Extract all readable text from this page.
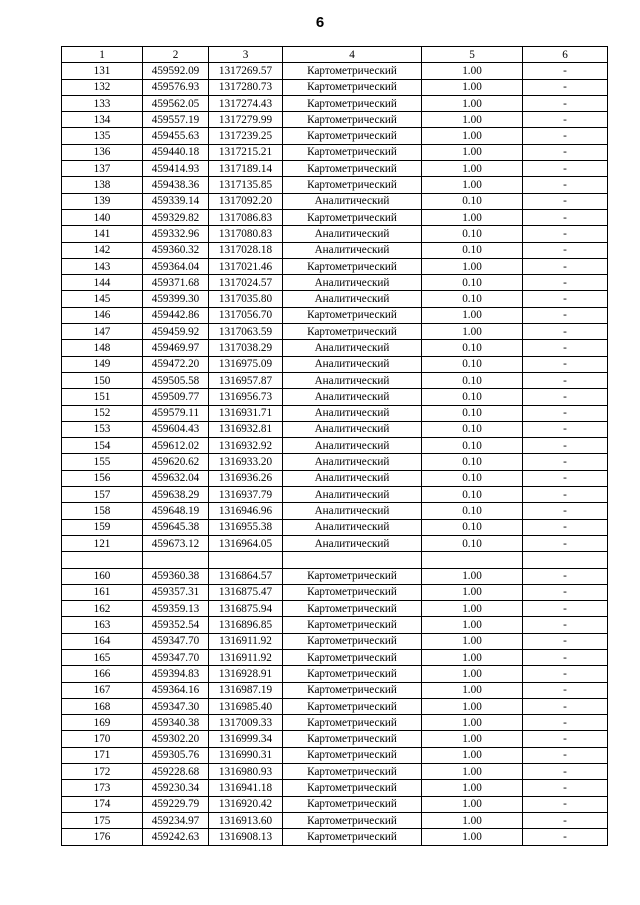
6
1	2	3	4	5	6
131	459592.09	1317269.57	Картометрический	1.00	-
132	459576.93	1317280.73	Картометрический	1.00	-
133	459562.05	1317274.43	Картометрический	1.00	-
134	459557.19	1317279.99	Картометрический	1.00	-
135	459455.63	1317239.25	Картометрический	1.00	-
136	459440.18	1317215.21	Картометрический	1.00	-
137	459414.93	1317189.14	Картометрический	1.00	-
138	459438.36	1317135.85	Картометрический	1.00	-
139	459339.14	1317092.20	Аналитический	0.10	-
140	459329.82	1317086.83	Картометрический	1.00	-
141	459332.96	1317080.83	Аналитический	0.10	-
142	459360.32	1317028.18	Аналитический	0.10	-
143	459364.04	1317021.46	Картометрический	1.00	-
144	459371.68	1317024.57	Аналитический	0.10	-
145	459399.30	1317035.80	Аналитический	0.10	-
146	459442.86	1317056.70	Картометрический	1.00	-
147	459459.92	1317063.59	Картометрический	1.00	-
148	459469.97	1317038.29	Аналитический	0.10	-
149	459472.20	1316975.09	Аналитический	0.10	-
150	459505.58	1316957.87	Аналитический	0.10	-
151	459509.77	1316956.73	Аналитический	0.10	-
152	459579.11	1316931.71	Аналитический	0.10	-
153	459604.43	1316932.81	Аналитический	0.10	-
154	459612.02	1316932.92	Аналитический	0.10	-
155	459620.62	1316933.20	Аналитический	0.10	-
156	459632.04	1316936.26	Аналитический	0.10	-
157	459638.29	1316937.79	Аналитический	0.10	-
158	459648.19	1316946.96	Аналитический	0.10	-
159	459645.38	1316955.38	Аналитический	0.10	-
121	459673.12	1316964.05	Аналитический	0.10	-

160	459360.38	1316864.57	Картометрический	1.00	-
161	459357.31	1316875.47	Картометрический	1.00	-
162	459359.13	1316875.94	Картометрический	1.00	-
163	459352.54	1316896.85	Картометрический	1.00	-
164	459347.70	1316911.92	Картометрический	1.00	-
165	459347.70	1316911.92	Картометрический	1.00	-
166	459394.83	1316928.91	Картометрический	1.00	-
167	459364.16	1316987.19	Картометрический	1.00	-
168	459347.30	1316985.40	Картометрический	1.00	-
169	459340.38	1317009.33	Картометрический	1.00	-
170	459302.20	1316999.34	Картометрический	1.00	-
171	459305.76	1316990.31	Картометрический	1.00	-
172	459228.68	1316980.93	Картометрический	1.00	-
173	459230.34	1316941.18	Картометрический	1.00	-
174	459229.79	1316920.42	Картометрический	1.00	-
175	459234.97	1316913.60	Картометрический	1.00	-
176	459242.63	1316908.13	Картометрический	1.00	-
